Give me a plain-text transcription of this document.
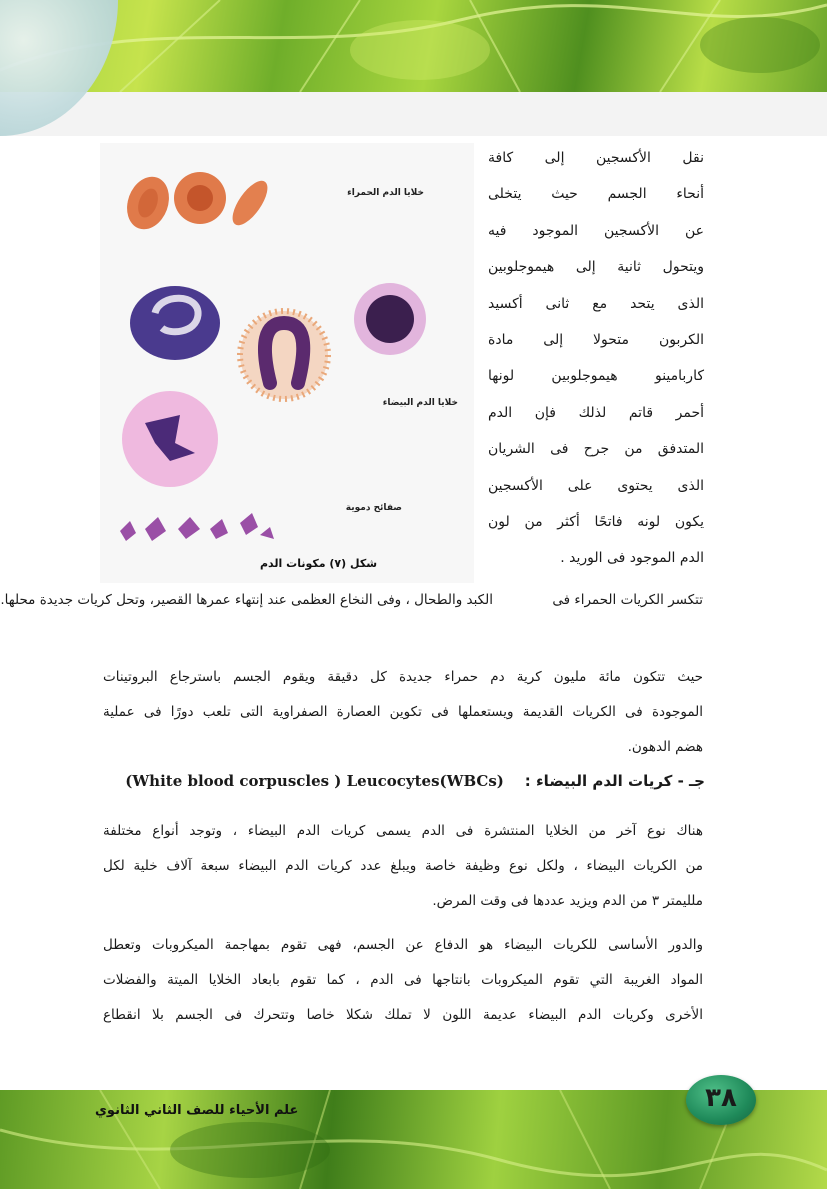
خلايا الدم الحمراء
خلايا الدم البيضاء
صفائح دموية
شكل (٧) مكونات الدم

نقل الأكسجين إلى كافة

أنحاء الجسم حيث يتخلى

عن الأكسجين الموجود فيه

ويتحول ثانية إلى هيموجلوبين

الذى يتحد مع ثانى أكسيد

الكربون متحولا إلى مادة

كاربامينو هيموجلوبين لونها

أحمر قاتم لذلك فإن الدم

المتدفق من جرح فى الشريان

الذى يحتوى على الأكسجين

يكون لونه فاتحًا أكثر من لون

الدم الموجود فى الوريد .

تتكسر الكريات الحمراء فى

الكبد والطحال ، وفى النخاع العظمى عند إنتهاء عمرها القصير، وتحل كريات جديدة محلها.

حيث تتكون مائة مليون كرية دم حمراء جديدة كل دقيقة ويقوم الجسم باسترجاع البروتينات

الموجودة فى الكريات القديمة ويستعملها فى تكوين العصارة الصفراوية التى تلعب دورًا فى عملية

هضم الدهون.

جـ - كريات الدم البيضاء :    (White blood corpuscles ) Leucocytes(WBCs)

هناك نوع آخر من الخلايا المنتشرة فى الدم يسمى كريات الدم البيضاء ، وتوجد أنواع مختلفة

من الكريات البيضاء ، ولكل نوع وظيفة خاصة ويبلغ عدد كريات الدم البيضاء سبعة آلاف خلية لكل

ملليمتر ٣ من الدم ويزيد عددها فى وقت المرض.

والدور الأساسى للكريات البيضاء هو الدفاع عن الجسم، فهى تقوم بمهاجمة الميكروبات وتعطل

المواد الغريبة التي تقوم الميكروبات بانتاجها فى الدم ، كما تقوم بابعاد الخلايا الميتة والفضلات

الأخرى وكريات الدم البيضاء عديمة اللون لا تملك شكلا خاصا وتتحرك فى الجسم بلا انقطاع

علم الأحياء للصف الثاني الثانوي	٣٨
